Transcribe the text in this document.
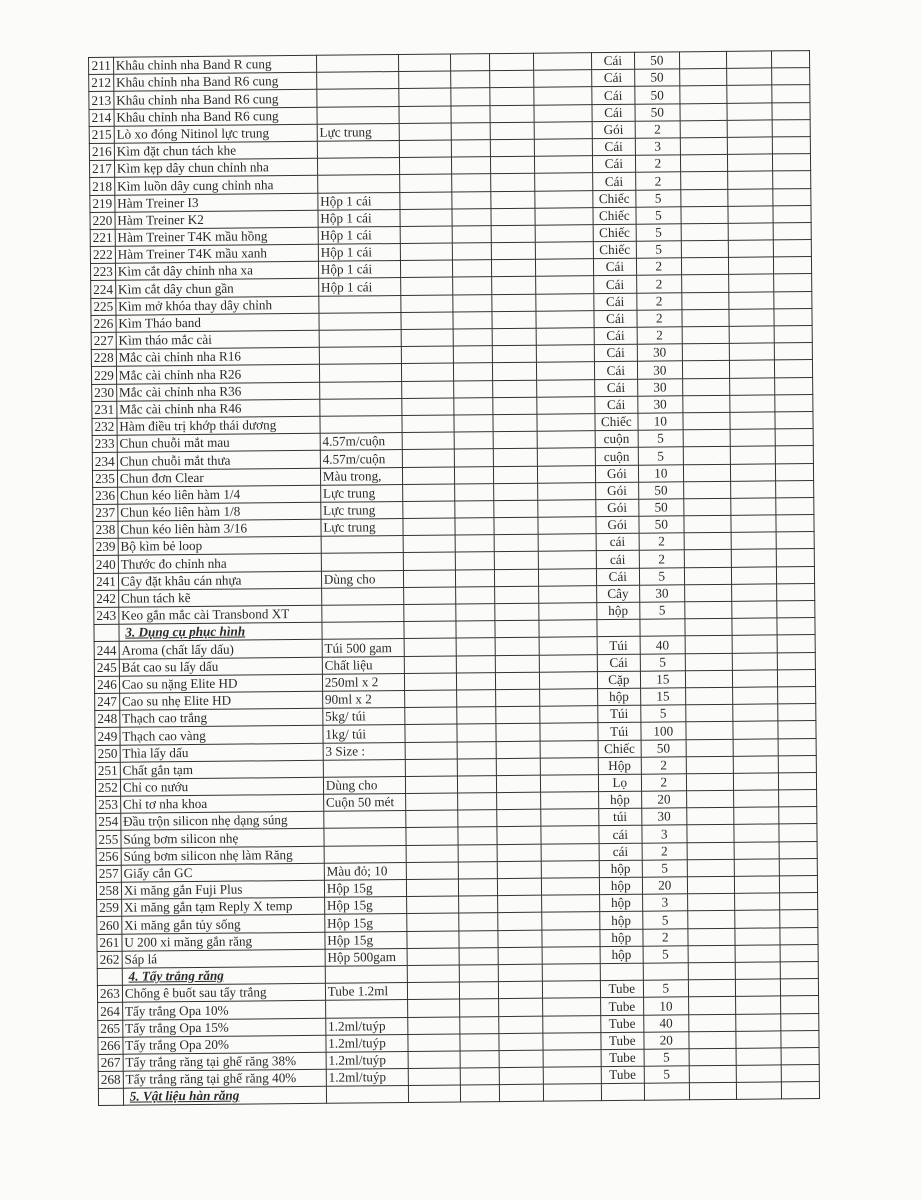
211	Khâu chỉnh nha Band R cung						Cái	50			
212	Khâu chỉnh nha Band R6 cung						Cái	50			
213	Khâu chỉnh nha Band R6 cung						Cái	50			
214	Khâu chỉnh nha Band R6 cung						Cái	50			
215	Lò xo đóng Nitinol lực trung	Lực trung					Gói	2			
216	Kìm đặt chun tách khe						Cái	3			
217	Kìm kẹp dây chun chỉnh nha						Cái	2			
218	Kìm luồn dây cung chỉnh nha						Cái	2			
219	Hàm Treiner I3	Hộp 1 cái					Chiếc	5			
220	Hàm Treiner K2	Hộp 1 cái					Chiếc	5			
221	Hàm Treiner T4K mầu hồng	Hộp 1 cái					Chiếc	5			
222	Hàm Treiner T4K mầu xanh	Hộp 1 cái					Chiếc	5			
223	Kìm cắt dây chỉnh nha xa	Hộp 1 cái					Cái	2			
224	Kìm cắt dây chun gần	Hộp 1 cái					Cái	2			
225	Kìm mở khóa thay dây chỉnh						Cái	2			
226	Kìm Tháo band						Cái	2			
227	Kìm tháo mắc cài						Cái	2			
228	Mắc cài chỉnh nha R16						Cái	30			
229	Mắc cài chỉnh nha R26						Cái	30			
230	Mắc cài chỉnh nha R36						Cái	30			
231	Mắc cài chỉnh nha R46						Cái	30			
232	Hàm điều trị khớp thái dương						Chiếc	10			
233	Chun chuỗi mắt mau	4.57m/cuộn					cuộn	5			
234	Chun chuỗi mắt thưa	4.57m/cuộn					cuộn	5			
235	Chun đơn Clear	Màu trong,					Gói	10			
236	Chun kéo liên hàm 1/4	Lực trung					Gói	50			
237	Chun kéo liên hàm 1/8	Lực trung					Gói	50			
238	Chun kéo liên hàm 3/16	Lực trung					Gói	50			
239	Bộ kìm bẻ loop						cái	2			
240	Thước đo chỉnh nha						cái	2			
241	Cây đặt khâu cán nhựa	Dùng cho					Cái	5			
242	Chun tách kẽ						Cây	30			
243	Keo gắn mắc cài Transbond XT						hộp	5			
	3. Dụng cụ phục hình										
244	Aroma (chất lấy dấu)	Túi 500 gam					Túi	40			
245	Bát cao su lấy dấu	Chất liệu					Cái	5			
246	Cao su nặng Elite HD	250ml x 2					Cặp	15			
247	Cao su nhẹ Elite HD	90ml x 2					hộp	15			
248	Thạch cao trắng	5kg/ túi					Túi	5			
249	Thạch cao vàng	1kg/ túi					Túi	100			
250	Thìa lấy dấu	3 Size :					Chiếc	50			
251	Chất gắn tạm						Hộp	2			
252	Chỉ co nướu	Dùng cho					Lọ	2			
253	Chỉ tơ nha khoa	Cuộn 50 mét					hộp	20			
254	Đầu trộn silicon nhẹ dạng súng						túi	30			
255	Súng bơm silicon nhẹ						cái	3			
256	Súng bơm silicon nhẹ làm Răng						cái	2			
257	Giấy cắn GC	Màu đỏ; 10					hộp	5			
258	Xi măng gắn Fuji Plus	Hộp 15g					hộp	20			
259	Xi măng gắn tạm Reply X temp	Hộp 15g					hộp	3			
260	Xi măng gắn tủy sống	Hộp 15g					hộp	5			
261	U 200 xi măng gắn răng	Hộp 15g					hộp	2			
262	Sáp lá	Hộp 500gam					hộp	5			
	4. Tẩy trắng răng										
263	Chống ê buốt sau tẩy trắng	Tube 1.2ml					Tube	5			
264	Tẩy trắng Opa 10%						Tube	10			
265	Tẩy trắng Opa 15%	1.2ml/tuýp					Tube	40			
266	Tẩy trắng Opa 20%	1.2ml/tuýp					Tube	20			
267	Tẩy trắng răng tại ghế răng 38%	1.2ml/tuýp					Tube	5			
268	Tẩy trắng răng tại ghế răng 40%	1.2ml/tuýp					Tube	5			
	5. Vật liệu hàn răng										
